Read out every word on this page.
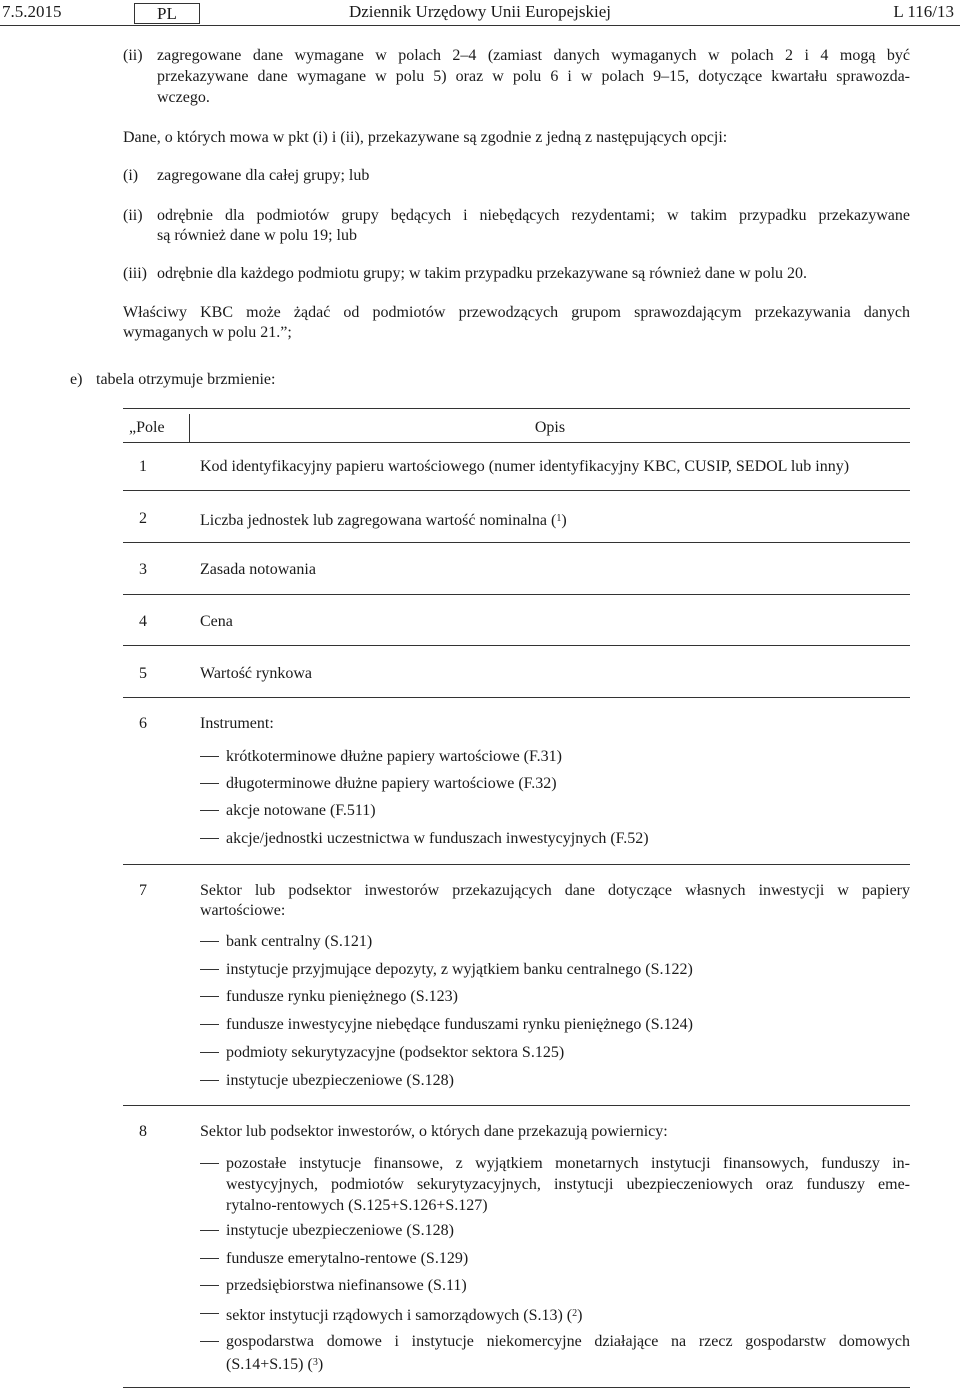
7.5.2015	PL	Dziennik Urzędowy Unii Europejskiej	L 116/13
(ii) zagregowane dane wymagane w polach 2–4 (zamiast danych wymaganych w polach 2 i 4 mogą być
przekazywane dane wymagane w polu 5) oraz w polu 6 i w polach 9–15, dotyczące kwartału sprawozda-
wczego.
Dane, o których mowa w pkt (i) i (ii), przekazywane są zgodnie z jedną z następujących opcji:
(i) zagregowane dla całej grupy; lub
(ii) odrębnie dla podmiotów grupy będących i niebędących rezydentami; w takim przypadku przekazywane
są również dane w polu 19; lub
(iii) odrębnie dla każdego podmiotu grupy; w takim przypadku przekazywane są również dane w polu 20.
Właściwy KBC może żądać od podmiotów przewodzących grupom sprawozdającym przekazywania danych
wymaganych w polu 21.”;
e) tabela otrzymuje brzmienie:
„Pole	Opis
1	Kod identyfikacyjny papieru wartościowego (numer identyfikacyjny KBC, CUSIP, SEDOL lub inny)
2	Liczba jednostek lub zagregowana wartość nominalna ($^1$)
3	Zasada notowania
4	Cena
5	Wartość rynkowa
6	Instrument:
krótkoterminowe dłużne papiery wartościowe (F.31)
długoterminowe dłużne papiery wartościowe (F.32)
akcje notowane (F.511)
akcje/jednostki uczestnictwa w funduszach inwestycyjnych (F.52)
7	Sektor lub podsektor inwestorów przekazujących dane dotyczące własnych inwestycji w papiery
wartościowe:
bank centralny (S.121)
instytucje przyjmujące depozyty, z wyjątkiem banku centralnego (S.122)
fundusze rynku pieniężnego (S.123)
fundusze inwestycyjne niebędące funduszami rynku pieniężnego (S.124)
podmioty sekurytyzacyjne (podsektor sektora S.125)
instytucje ubezpieczeniowe (S.128)
8	Sektor lub podsektor inwestorów, o których dane przekazują powiernicy:
pozostałe instytucje finansowe, z wyjątkiem monetarnych instytucji finansowych, funduszy in-
westycyjnych, podmiotów sekurytyzacyjnych, instytucji ubezpieczeniowych oraz funduszy eme-
rytalno-rentowych (S.125+S.126+S.127)
instytucje ubezpieczeniowe (S.128)
fundusze emerytalno-rentowe (S.129)
przedsiębiorstwa niefinansowe (S.11)
sektor instytucji rządowych i samorządowych (S.13) ($^2$)
gospodarstwa domowe i instytucje niekomercyjne działające na rzecz gospodarstw domowych
(S.14+S.15) ($^3$)
